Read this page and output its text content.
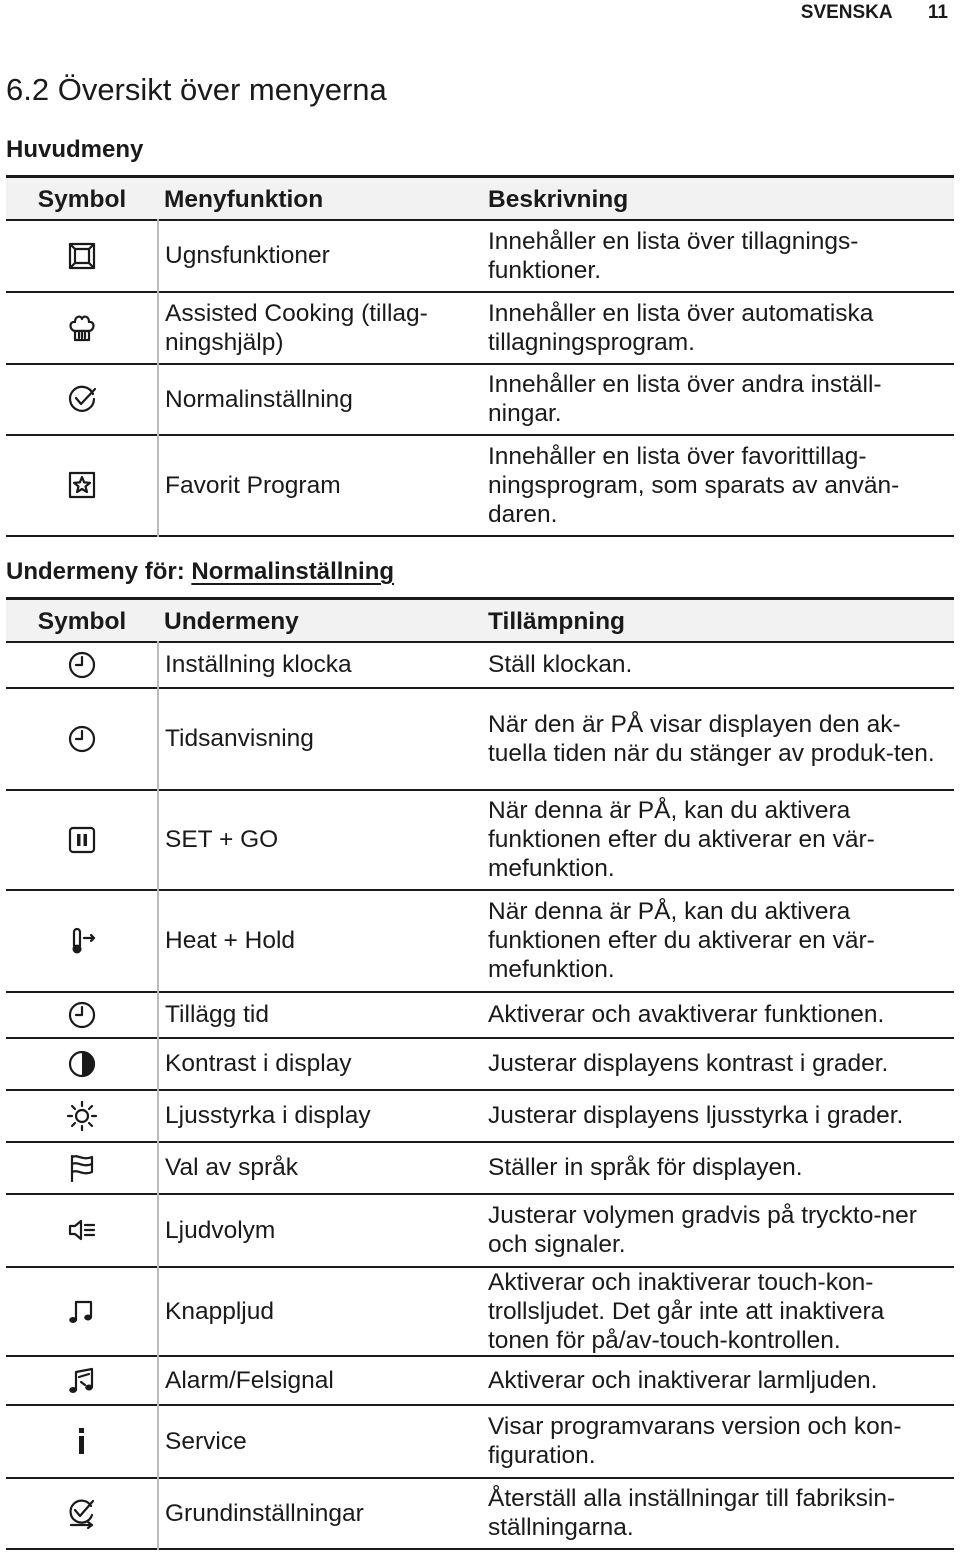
SVENSKA 11
6.2 Översikt över menyerna
Huvudmeny
Symbol	Menyfunktion	Beskrivning
	Ugnsfunktioner	Innehåller en lista över tillagnings-funktioner.
	Assisted Cooking (tillag-ningshjälp)	Innehåller en lista över automatiska tillagningsprogram.
	Normalinställning	Innehåller en lista över andra inställ-ningar.
	Favorit Program	Innehåller en lista över favorittillag-ningsprogram, som sparats av använ-daren.
Undermeny för: Normalinställning
Symbol	Undermeny	Tillämpning
	Inställning klocka	Ställ klockan.
	Tidsanvisning	När den är PÅ visar displayen den ak-tuella tiden när du stänger av produk-ten.
	SET + GO	När denna är PÅ, kan du aktivera funktionen efter du aktiverar en vär-mefunktion.
	Heat + Hold	När denna är PÅ, kan du aktivera funktionen efter du aktiverar en vär-mefunktion.
	Tillägg tid	Aktiverar och avaktiverar funktionen.
	Kontrast i display	Justerar displayens kontrast i grader.
	Ljusstyrka i display	Justerar displayens ljusstyrka i grader.
	Val av språk	Ställer in språk för displayen.
	Ljudvolym	Justerar volymen gradvis på trycktо-ner och signaler.
	Knappljud	Aktiverar och inaktiverar touch-kon-trollsljudet. Det går inte att inaktivera tonen för på/av-touch-kontrollen.
	Alarm/Felsignal	Aktiverar och inaktiverar larmljuden.
	Service	Visar programvarans version och kon-figuration.
	Grundinställningar	Återställ alla inställningar till fabriksin-ställningarna.
